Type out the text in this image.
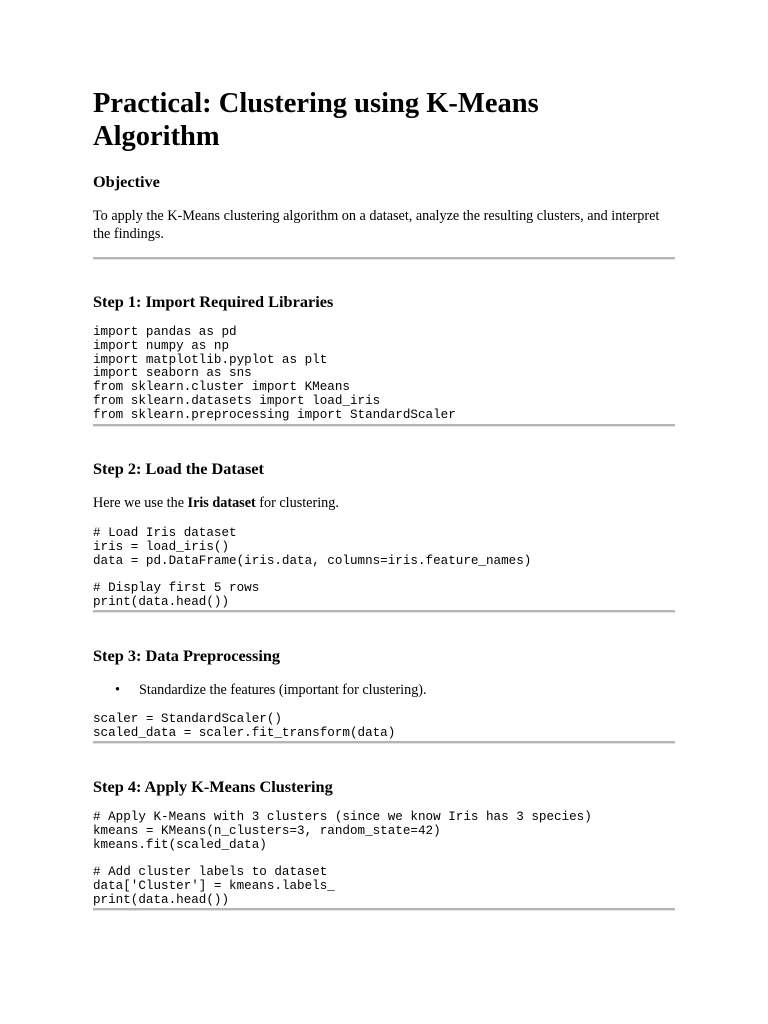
Practical: Clustering using K-Means Algorithm
Objective
To apply the K-Means clustering algorithm on a dataset, analyze the resulting clusters, and interpret the findings.
Step 1: Import Required Libraries
import pandas as pd
import numpy as np
import matplotlib.pyplot as plt
import seaborn as sns
from sklearn.cluster import KMeans
from sklearn.datasets import load_iris
from sklearn.preprocessing import StandardScaler
Step 2: Load the Dataset
Here we use the Iris dataset for clustering.
# Load Iris dataset
iris = load_iris()
data = pd.DataFrame(iris.data, columns=iris.feature_names)

# Display first 5 rows
print(data.head())
Step 3: Data Preprocessing
• Standardize the features (important for clustering).
scaler = StandardScaler()
scaled_data = scaler.fit_transform(data)
Step 4: Apply K-Means Clustering
# Apply K-Means with 3 clusters (since we know Iris has 3 species)
kmeans = KMeans(n_clusters=3, random_state=42)
kmeans.fit(scaled_data)

# Add cluster labels to dataset
data['Cluster'] = kmeans.labels_
print(data.head())
